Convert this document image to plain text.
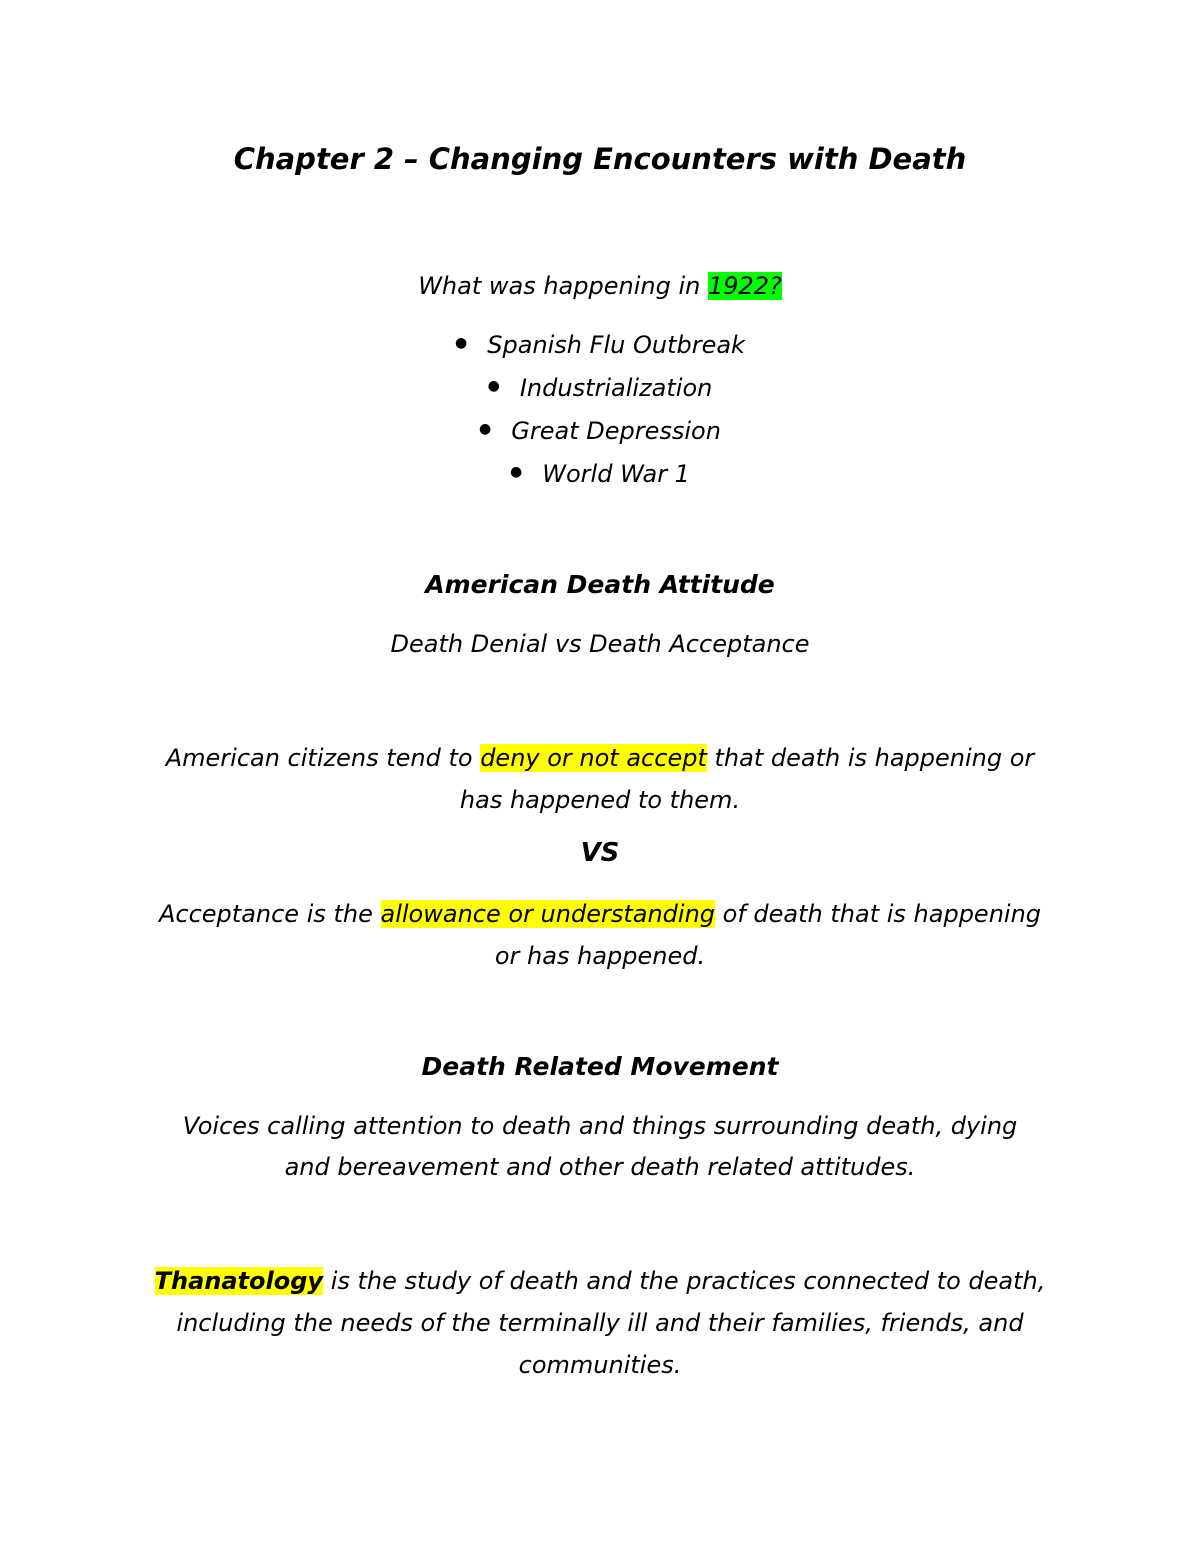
Chapter 2 – Changing Encounters with Death
What was happening in 1922?
● Spanish Flu Outbreak
● Industrialization
● Great Depression
● World War 1
American Death Attitude
Death Denial vs Death Acceptance
American citizens tend to deny or not accept that death is happening or
has happened to them.
VS
Acceptance is the allowance or understanding of death that is happening
or has happened.
Death Related Movement
Voices calling attention to death and things surrounding death, dying
and bereavement and other death related attitudes.
Thanatology is the study of death and the practices connected to death,
including the needs of the terminally ill and their families, friends, and
communities.
